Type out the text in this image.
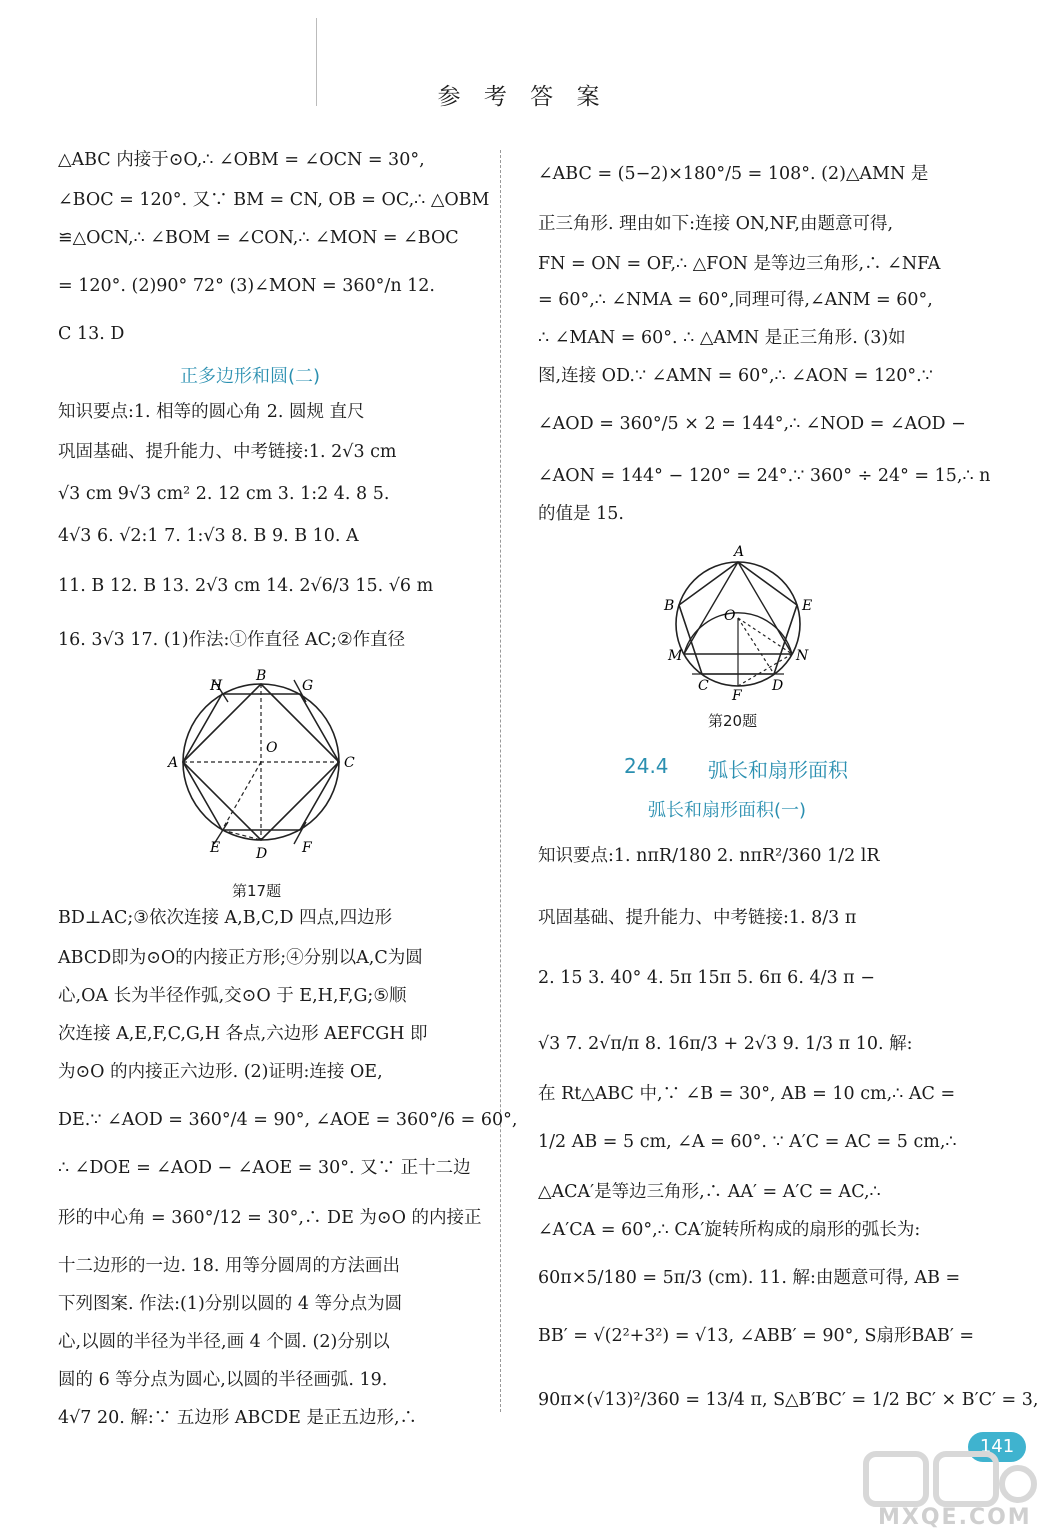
参 考 答 案
△ABC 内接于⊙O,∴ ∠OBM = ∠OCN = 30°,
∠BOC = 120°. 又∵ BM = CN, OB = OC,∴ △OBM
≌△OCN,∴ ∠BOM = ∠CON,∴ ∠MON = ∠BOC
= 120°. (2)90° 72° (3)∠MON = 360°/n 12.
C 13. D
正多边形和圆(二)
知识要点:1. 相等的圆心角 2. 圆规 直尺
巩固基础、提升能力、中考链接:1. 2√3 cm
√3 cm 9√3 cm² 2. 12 cm 3. 1:2 4. 8 5.
4√3 6. √2:1 7. 1:√3 8. B 9. B 10. A
11. B 12. B 13. 2√3 cm 14. 2√6/3 15. √6 m
16. 3√3 17. (1)作法:①作直径 AC;②作直径
B
H	G
A	C
O
E	D F
第17题
BD⊥AC;③依次连接 A,B,C,D 四点,四边形
ABCD即为⊙O的内接正方形;④分别以A,C为圆
心,OA 长为半径作弧,交⊙O 于 E,H,F,G;⑤顺
次连接 A,E,F,C,G,H 各点,六边形 AEFCGH 即
为⊙O 的内接正六边形. (2)证明:连接 OE,
DE.∵ ∠AOD = 360°/4 = 90°, ∠AOE = 360°/6 = 60°,
∴ ∠DOE = ∠AOD − ∠AOE = 30°. 又∵ 正十二边
形的中心角 = 360°/12 = 30°,∴ DE 为⊙O 的内接正
十二边形的一边. 18. 用等分圆周的方法画出
下列图案. 作法:(1)分别以圆的 4 等分点为圆
心,以圆的半径为半径,画 4 个圆. (2)分别以
圆的 6 等分点为圆心,以圆的半径画弧. 19.
4√7 20. 解:∵ 五边形 ABCDE 是正五边形,∴
∠ABC = (5−2)×180°/5 = 108°. (2)△AMN 是
正三角形. 理由如下:连接 ON,NF,由题意可得,
FN = ON = OF,∴ △FON 是等边三角形,∴ ∠NFA
= 60°,∴ ∠NMA = 60°,同理可得,∠ANM = 60°,
∴ ∠MAN = 60°. ∴ △AMN 是正三角形. (3)如
图,连接 OD.∵ ∠AMN = 60°,∴ ∠AON = 120°.∵
∠AOD = 360°/5 × 2 = 144°,∴ ∠NOD = ∠AOD −
∠AON = 144° − 120° = 24°.∵ 360° ÷ 24° = 15,∴ n
的值是 15.
A
B	E
O
M	N
C
F
D
第20题
24.4 弧长和扇形面积
弧长和扇形面积(一)
知识要点:1. nπR/180 2. nπR²/360 1/2 lR
巩固基础、提升能力、中考链接:1. 8/3 π
2. 15 3. 40° 4. 5π 15π 5. 6π 6. 4/3 π −
√3 7. 2√π/π 8. 16π/3 + 2√3 9. 1/3 π 10. 解:
在 Rt△ABC 中,∵ ∠B = 30°, AB = 10 cm,∴ AC =
1/2 AB = 5 cm, ∠A = 60°. ∵ A′C = AC = 5 cm,∴
△ACA′是等边三角形,∴ AA′ = A′C = AC,∴
∠A′CA = 60°,∴ CA′旋转所构成的扇形的弧长为:
60π×5/180 = 5π/3 (cm). 11. 解:由题意可得, AB =
BB′ = √(2²+3²) = √13, ∠ABB′ = 90°, S扇形BAB′ =
90π×(√13)²/360 = 13/4 π, S△B′BC′ = 1/2 BC′ × B′C′ = 3,
141
MXQE.COM
